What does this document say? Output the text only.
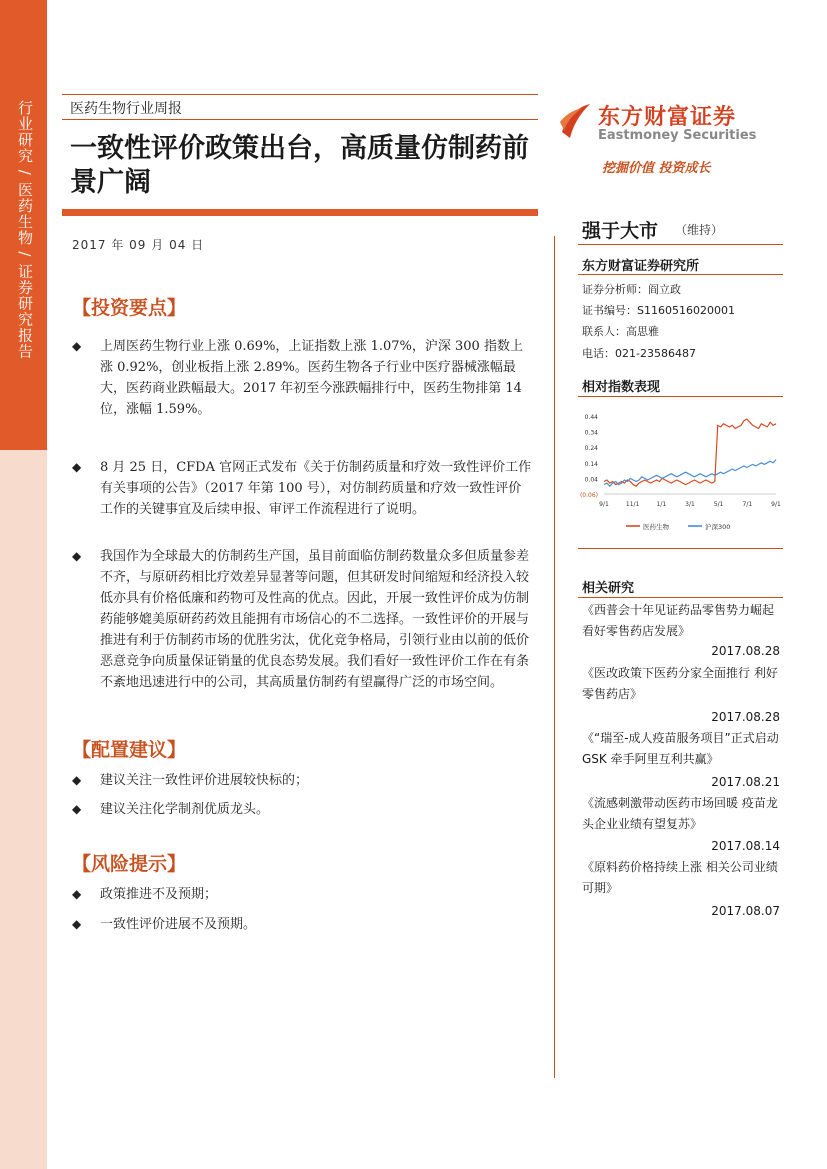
行业研究 / 医药生物 / 证券研究报告	医药生物行业周报
一致性评价政策出台，高质量仿制药前景广阔
2017 年 09 月 04 日
【投资要点】
◆	上周医药生物行业上涨 0.69%，上证指数上涨 1.07%，沪深 300 指数上涨 0.92%，创业板指上涨 2.89%。医药生物各子行业中医疗器械涨幅最大，医药商业跌幅最大。2017 年初至今涨跌幅排行中，医药生物排第 14 位，涨幅 1.59%。
◆	8 月 25 日，CFDA 官网正式发布《关于仿制药质量和疗效一致性评价工作有关事项的公告》（2017 年第 100 号），对仿制药质量和疗效一致性评价工作的关键事宜及后续申报、审评工作流程进行了说明。
◆	我国作为全球最大的仿制药生产国，虽目前面临仿制药数量众多但质量参差不齐，与原研药相比疗效差异显著等问题，但其研发时间缩短和经济投入较低亦具有价格低廉和药物可及性高的优点。因此，开展一致性评价成为仿制药能够媲美原研药药效且能拥有市场信心的不二选择。一致性评价的开展与推进有利于仿制药市场的优胜劣汰，优化竞争格局，引领行业由以前的低价恶意竞争向质量保证销量的优良态势发展。我们看好一致性评价工作在有条不紊地迅速进行中的公司，其高质量仿制药有望赢得广泛的市场空间。
【配置建议】
◆	建议关注一致性评价进展较快标的；
◆	建议关注化学制剂优质龙头。
【风险提示】
◆	政策推进不及预期；
◆	一致性评价进展不及预期。
东方财富证券
Eastmoney Securities
挖掘价值 投资成长
强于大市 （维持）
东方财富证券研究所
证券分析师：阎立政
证书编号：S1160516020001
联系人：高思雅
电话：021-23586487
相对指数表现
0.44
0.34
0.24
0.14
0.04
(0.06)
9/1	11/1	1/1	3/1	5/1	7/1	9/1
医药生物	沪深300
相关研究
《西普会十年见证药品零售势力崛起 看好零售药店发展》
2017.08.28
《医改政策下医药分家全面推行 利好零售药店》
2017.08.28
《“瑞至-成人疫苗服务项目”正式启动 GSK 牵手阿里互利共赢》
2017.08.21
《流感刺激带动医药市场回暖 疫苗龙头企业业绩有望复苏》
2017.08.14
《原料药价格持续上涨 相关公司业绩可期》
2017.08.07
